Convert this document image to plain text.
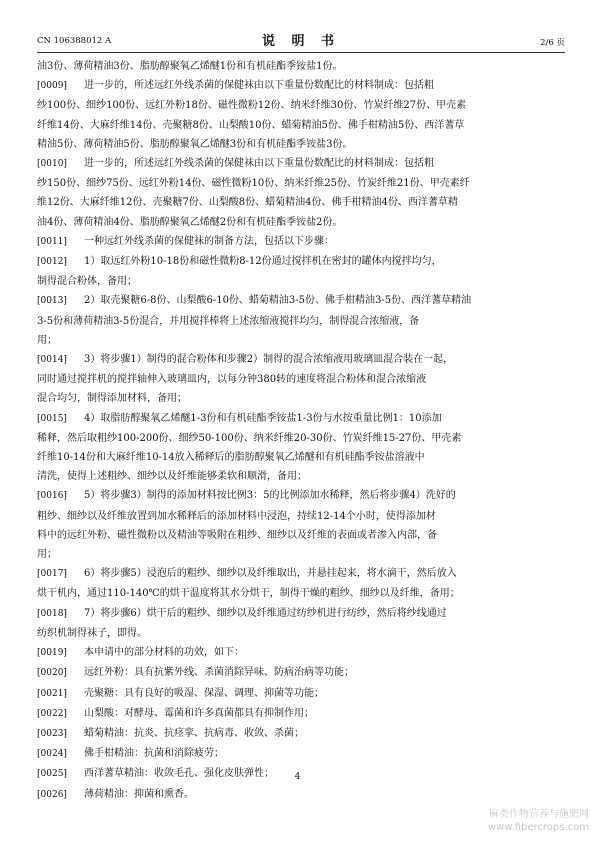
CN 106388012 A	说 明 书	2/6 页
油3份、薄荷精油3份、脂肪醇聚氧乙烯醚1份和有机硅酯季铵盐1份。
[0009] 进一步的，所述远红外线杀菌的保健袜由以下重量份数配比的材料制成：包括粗
纱100份、细纱100份、远红外粉18份、磁性微粉12份、纳米纤维30份、竹炭纤维27份、甲壳素
纤维14份、大麻纤维14份、壳聚糖8份、山梨酸10份、蜡菊精油5份、佛手柑精油5份、西洋蓍草
精油5份、薄荷精油5份、脂肪醇聚氧乙烯醚3份和有机硅酯季铵盐3份。
[0010] 进一步的，所述远红外线杀菌的保健袜由以下重量份数配比的材料制成：包括粗
纱150份、细纱75份、远红外粉14份、磁性微粉10份、纳米纤维25份、竹炭纤维21份、甲壳素纤
维12份、大麻纤维12份、壳聚糖7份、山梨酸8份、蜡菊精油4份、佛手柑精油4份、西洋蓍草精
油4份、薄荷精油4份、脂肪醇聚氧乙烯醚2份和有机硅酯季铵盐2份。
[0011] 一种远红外线杀菌的保健袜的制备方法，包括以下步骤：
[0012] 1）取远红外粉10-18份和磁性微粉8-12份通过搅拌机在密封的罐体内搅拌均匀，
制得混合粉体，备用；
[0013] 2）取壳聚糖6-8份、山梨酸6-10份、蜡菊精油3-5份、佛手柑精油3-5份、西洋蓍草精油
3-5份和薄荷精油3-5份混合，并用搅拌棒将上述浓缩液搅拌均匀，制得混合浓缩液，备
用；
[0014] 3）将步骤1）制得的混合粉体和步骤2）制得的混合浓缩液用玻璃皿混合装在一起，
同时通过搅拌机的搅拌轴伸入玻璃皿内，以每分钟380转的速度将混合粉体和混合浓缩液
混合均匀，制得添加材料，备用；
[0015] 4）取脂肪醇聚氧乙烯醚1-3份和有机硅酯季铵盐1-3份与水按重量比例1：10添加
稀释，然后取粗纱100-200份、细纱50-100份、纳米纤维20-30份、竹炭纤维15-27份、甲壳素
纤维10-14份和大麻纤维10-14放入稀释后的脂肪醇聚氧乙烯醚和有机硅酯季铵盐溶液中
清洗，使得上述粗纱、细纱以及纤维能够柔软和顺滑，备用；
[0016] 5）将步骤3）制得的添加材料按比例3：5的比例添加水稀释，然后将步骤4）洗好的
粗纱、细纱以及纤维放置到加水稀释后的添加材料中浸泡，持续12-14个小时，使得添加材
料中的远红外粉、磁性微粉以及精油等吸附在粗纱、细纱以及纤维的表面或者渗入内部，备
用；
[0017] 6）将步骤5）浸泡后的粗纱、细纱以及纤维取出，并悬挂起来，将水滴干，然后放入
烘干机内，通过110-140℃的烘干温度将其水分烘干，制得干燥的粗纱、细纱以及纤维，备用；
[0018] 7）将步骤6）烘干后的粗纱、细纱以及纤维通过纺纱机进行纺纱，然后将纱线通过
纺织机制得袜子，即得。
[0019] 本申请中的部分材料的功效，如下：
[0020] 远红外粉：具有抗紫外线、杀菌消除异味、防病治病等功能；
[0021] 壳聚糖：具有良好的吸湿、保湿、调理、抑菌等功能；
[0022] 山梨酸：对酵母、霉菌和许多真菌都具有抑制作用；
[0023] 蜡菊精油：抗炎、抗痉挛、抗病毒、收敛、杀菌；
[0024] 佛手柑精油：抗菌和消除疲劳；
[0025] 西洋蓍草精油：收敛毛孔、强化皮肤弹性；
[0026] 薄荷精油：抑菌和熏香。
4
麻类作物营养与施肥网
www.fibercrops.com
